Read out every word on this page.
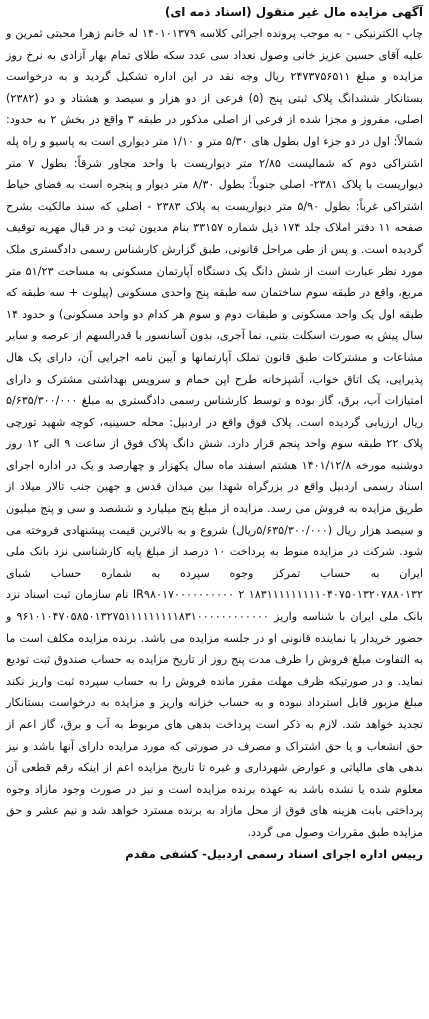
آگهی مزایده مال غیر منقول (اسناد ذمه ای)

چاپ الکترنیکی - به موجب پرونده اجرائی کلاسه ۱۴۰۱۰۱۳۷۹ له خانم زهرا محبتی ثمرین و علیه آقای حسین عزیز خانی وصول تعداد سی عدد سکه طلای تمام بهار آزادی به نرخ روز مزایده و مبلغ ۲۴۷۳۷۵۶۵۱۱ ریال وجه نقد در این اداره تشکیل گردید و به درخواست بستانکار ششدانگ پلاک ثبتی پنج (۵) فرعی از دو هزار و سیصد و هشتاد و دو (۲۳۸۲) اصلی، مفروز و مجزا شده از فرعی از اصلی مذکور در طبقه ۳ واقع در بخش ۲ به حدود: شمالاً: اول در دو جزء اول بطول های ۵/۳۰ متر و ۱/۱۰ متر دیواری است به پاسیو و راه پله اشتراکی دوم که شمالیست ۲/۸۵ متر دیواریست با واحد مجاور شرقاً: بطول ۷ متر دیواریست با پلاک ۲۳۸۱- اصلی جنوباً: بطول ۸/۳۰ متر دیوار و پنجره است به فضای حیاط اشتراکی غرباً: بطول ۵/۹۰ متر دیواریست به پلاک ۲۳۸۳ - اصلی که سند مالکیت بشرح صفحه ۱۱ دفتر املاک جلد ۱۷۴ ذیل شماره ۳۳۱۵۷ بنام مدیون ثبت و در قبال مهریه توقیف گردیده است. و پس از طی مراحل قانونی، طبق گزارش کارشناس رسمی دادگستری ملک مورد نظر عبارت است از شش دانگ یک دستگاه آپارتمان مسکونی به مساحت ۵۱/۲۳ متر مربع، واقع در طبقه سوم ساختمان سه طبقه پنج واحدی مسکونی (پیلوت + سه طبقه که طبقه اول یک واحد مسکونی و طبقات دوم و سوم هر کدام دو واحد مسکونی) و حدود ۱۴ سال پیش به صورت اسکلت بتنی، نما آجری، بدون آسانسور با قدرالسهم از عرصه و سایر مشاعات و مشترکات طبق قانون تملک آپارتمانها و آیین نامه اجرایی آن، دارای یک هال پذیرایی، یک اتاق خواب، آشپزخانه طرح اپن حمام و سرویس بهداشتی مشترک و دارای امتیازات آب، برق، گاز بوده و توسط کارشناس رسمی دادگستری به مبلغ ۵/۶۳۵/۳۰۰/۰۰۰ ریال ارزیابی گردیده است. پلاک فوق واقع در اردبیل: محله حسینیه، کوچه شهید تورچی پلاک ۲۲ طبقه سوم واحد پنجم قرار دارد. شش دانگ پلاک فوق از ساعت ۹ الی ۱۲ روز دوشنبه مورخه ۱۴۰۱/۱۲/۸ هشتم اسفند ماه سال یکهزار و چهارصد و یک در اداره اجرای اسناد رسمی اردبیل واقع در بزرگراه شهدا بین میدان قدس و جهین جنب تالار میلاد از طریق مزایده به فروش می رسد. مزایده از مبلغ پنج میلیارد و ششصد و سی و پنج میلیون و سیصد هزار ریال (۵/۶۳۵/۳۰۰/۰۰۰ریال) شروع و به بالاترین قیمت پیشنهادی فروخته می شود. شرکت در مزایده منوط به پرداخت ۱۰ درصد از مبلغ پایه کارشناسی نزد بانک ملی ایران به حساب تمرکز وجوه سپرده به شماره حساب شبای ۱۸۳۱۱۱۱۱۱۱۱۱۰۴۰۷۵۰۱۳۲۰۷۸۸۰۱۳۲ IR۹۸۰۱۷۰۰۰۰۰۰۰۰۰۰ ۲ نام سازمان ثبت اسناد نزد بانک ملی ایران با شناسه واریز ۹۶۱۰۱۰۴۷۰۵۸۵۰۱۳۲۷۵۱۱۱۱۱۱۱۱۱۸۳۱۰۰۰۰۰۰۰۰۰۰۰۰ و حضور خریدار یا نماینده قانونی او در جلسه مزایده می باشد. برنده مزایده مکلف است ما به التفاوت مبلغ فروش را ظرف مدت پنج روز از تاریخ مزایده به حساب صندوق ثبت تودیع نماید. و در صورتیکه ظرف مهلت مقرر مانده فروش را به حساب سپرده ثبت واریز نکند مبلغ مزبور قابل استرداد نبوده و به حساب خزانه واریز و مزایده به درخواست بستانکار تجدید خواهد شد. لازم به ذکر است پرداخت بدهی های مربوط به آب و برق، گاز اعم از حق انشعاب و یا حق اشتراک و مصرف در صورتی که مورد مزایده دارای آنها باشد و نیز بدهی های مالیاتی و عوارض شهرداری و غیره تا تاریخ مزایده اعم از اینکه رقم قطعی آن معلوم شده یا نشده باشد به عهده برنده مزایده است و نیز در صورت وجود مازاد وجوه پرداختی بابت هزینه های فوق از محل مازاد به برنده مسترد خواهد شد و نیم عشر و حق مزایده طبق مقررات وصول می گردد.

رییس اداره اجرای اسناد رسمی اردبیل- کشفی مقدم
